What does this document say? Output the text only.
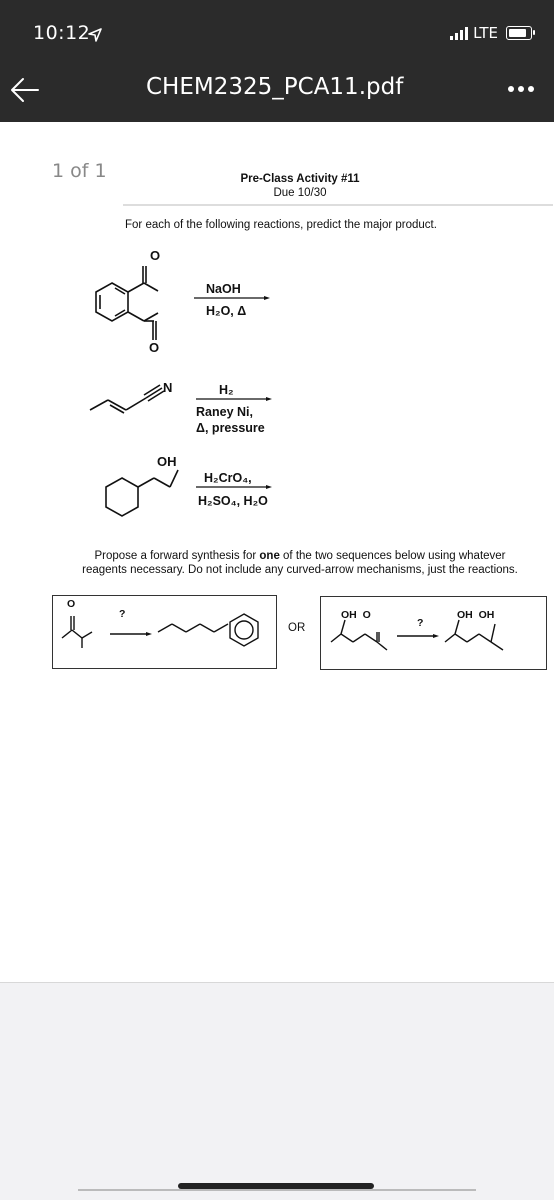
10:12	LTE
CHEM2325_PCA11.pdf
1 of 1	Pre-Class Activity #11
Due 10/30
For each of the following reactions, predict the major product.
O
O
NaOH
H₂O, Δ
N	H₂
Raney Ni,
Δ, pressure
OH
H₂CrO₄,
H₂SO₄, H₂O
Propose a forward synthesis for one of the two sequences below using whatever
reagents necessary. Do not include any curved-arrow mechanisms, just the reactions.
O
?
OR
OH  O
?
OH  OH
